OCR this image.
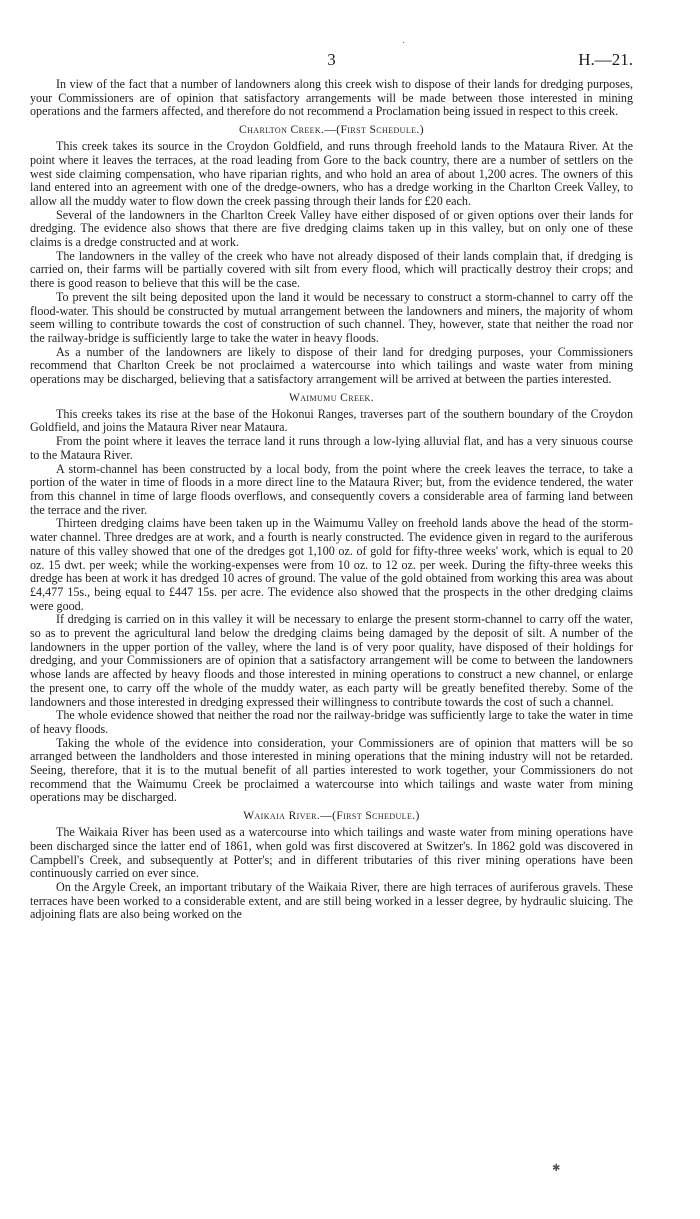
3	H.—21.

In view of the fact that a number of landowners along this creek wish to dispose of their lands for dredging purposes, your Commissioners are of opinion that satisfactory arrangements will be made between those interested in mining operations and the farmers affected, and therefore do not recommend a Proclamation being issued in respect to this creek.

Charlton Creek.—(First Schedule.)

This creek takes its source in the Croydon Goldfield, and runs through freehold lands to the Mataura River. At the point where it leaves the terraces, at the road leading from Gore to the back country, there are a number of settlers on the west side claiming compensation, who have riparian rights, and who hold an area of about 1,200 acres. The owners of this land entered into an agreement with one of the dredge-owners, who has a dredge working in the Charlton Creek Valley, to allow all the muddy water to flow down the creek passing through their lands for £20 each.

Several of the landowners in the Charlton Creek Valley have either disposed of or given options over their lands for dredging. The evidence also shows that there are five dredging claims taken up in this valley, but on only one of these claims is a dredge constructed and at work.

The landowners in the valley of the creek who have not already disposed of their lands complain that, if dredging is carried on, their farms will be partially covered with silt from every flood, which will practically destroy their crops; and there is good reason to believe that this will be the case.

To prevent the silt being deposited upon the land it would be necessary to construct a storm-channel to carry off the flood-water. This should be constructed by mutual arrangement between the landowners and miners, the majority of whom seem willing to contribute towards the cost of construction of such channel. They, however, state that neither the road nor the railway-bridge is sufficiently large to take the water in heavy floods.

As a number of the landowners are likely to dispose of their land for dredging purposes, your Commissioners recommend that Charlton Creek be not proclaimed a watercourse into which tailings and waste water from mining operations may be discharged, believing that a satisfactory arrangement will be arrived at between the parties interested.

Waimumu Creek.

This creeks takes its rise at the base of the Hokonui Ranges, traverses part of the southern boundary of the Croydon Goldfield, and joins the Mataura River near Mataura.

From the point where it leaves the terrace land it runs through a low-lying alluvial flat, and has a very sinuous course to the Mataura River.

A storm-channel has been constructed by a local body, from the point where the creek leaves the terrace, to take a portion of the water in time of floods in a more direct line to the Mataura River; but, from the evidence tendered, the water from this channel in time of large floods overflows, and consequently covers a considerable area of farming land between the terrace and the river.

Thirteen dredging claims have been taken up in the Waimumu Valley on freehold lands above the head of the storm-water channel. Three dredges are at work, and a fourth is nearly constructed. The evidence given in regard to the auriferous nature of this valley showed that one of the dredges got 1,100 oz. of gold for fifty-three weeks' work, which is equal to 20 oz. 15 dwt. per week; while the working-expenses were from 10 oz. to 12 oz. per week. During the fifty-three weeks this dredge has been at work it has dredged 10 acres of ground. The value of the gold obtained from working this area was about £4,477 15s., being equal to £447 15s. per acre. The evidence also showed that the prospects in the other dredging claims were good.

If dredging is carried on in this valley it will be necessary to enlarge the present storm-channel to carry off the water, so as to prevent the agricultural land below the dredging claims being damaged by the deposit of silt. A number of the landowners in the upper portion of the valley, where the land is of very poor quality, have disposed of their holdings for dredging, and your Commissioners are of opinion that a satisfactory arrangement will be come to between the landowners whose lands are affected by heavy floods and those interested in mining operations to construct a new channel, or enlarge the present one, to carry off the whole of the muddy water, as each party will be greatly benefited thereby. Some of the landowners and those interested in dredging expressed their willingness to contribute towards the cost of such a channel.

The whole evidence showed that neither the road nor the railway-bridge was sufficiently large to take the water in time of heavy floods.

Taking the whole of the evidence into consideration, your Commissioners are of opinion that matters will be so arranged between the landholders and those interested in mining operations that the mining industry will not be retarded. Seeing, therefore, that it is to the mutual benefit of all parties interested to work together, your Commissioners do not recommend that the Waimumu Creek be proclaimed a watercourse into which tailings and waste water from mining operations may be discharged.

Waikaia River.—(First Schedule.)

The Waikaia River has been used as a watercourse into which tailings and waste water from mining operations have been discharged since the latter end of 1861, when gold was first discovered at Switzer's. In 1862 gold was discovered in Campbell's Creek, and subsequently at Potter's; and in different tributaries of this river mining operations have been continuously carried on ever since.

On the Argyle Creek, an important tributary of the Waikaia River, there are high terraces of auriferous gravels. These terraces have been worked to a considerable extent, and are still being worked in a lesser degree, by hydraulic sluicing. The adjoining flats are also being worked on the

·
✱
